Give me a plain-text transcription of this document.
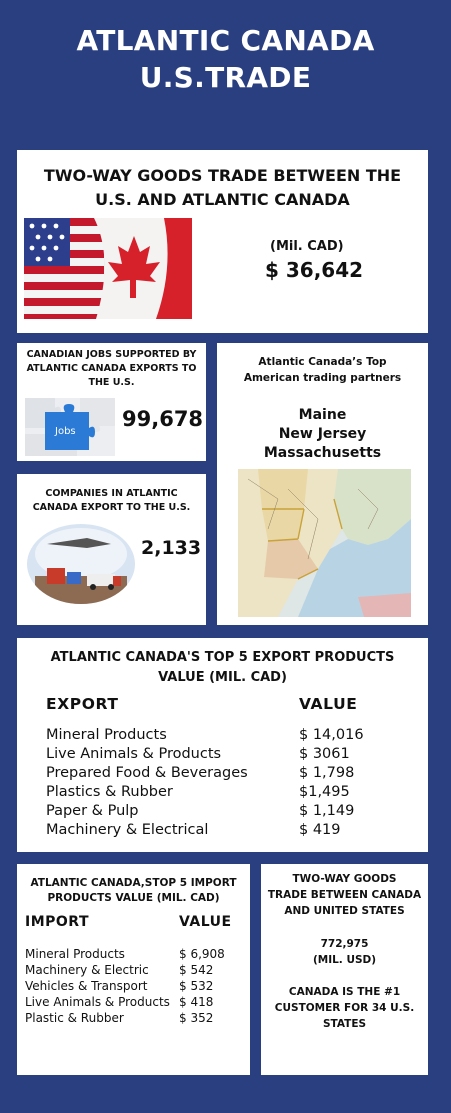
ATLANTIC CANADA
U.S.TRADE
TWO-WAY GOODS TRADE BETWEEN THE
U.S. AND ATLANTIC CANADA
(Mil. CAD)
$ 36,642
CANADIAN JOBS SUPPORTED BY
ATLANTIC CANADA EXPORTS TO
THE U.S.
Jobs
99,678
Atlantic Canada’s Top
American trading partners
Maine
New Jersey
Massachusetts
COMPANIES IN ATLANTIC
CANADA EXPORT TO THE U.S.
2,133
ATLANTIC CANADA'S TOP 5 EXPORT PRODUCTS
VALUE (MIL. CAD)
EXPORT	VALUE
Mineral Products	$ 14,016
Live Animals & Products	$ 3061
Prepared Food & Beverages	$ 1,798
Plastics & Rubber	$1,495
Paper & Pulp	$ 1,149
Machinery & Electrical	$ 419
ATLANTIC CANADA,STOP 5 IMPORT
PRODUCTS VALUE (MIL. CAD)
IMPORT	VALUE
Mineral Products	$ 6,908
Machinery & Electric	$ 542
Vehicles & Transport	$ 532
Live Animals & Products $ 418
Plastic & Rubber	$ 352
TWO-WAY GOODS
TRADE BETWEEN CANADA
AND UNITED STATES
772,975
(MIL. USD)
CANADA IS THE #1
CUSTOMER FOR 34 U.S.
STATES
